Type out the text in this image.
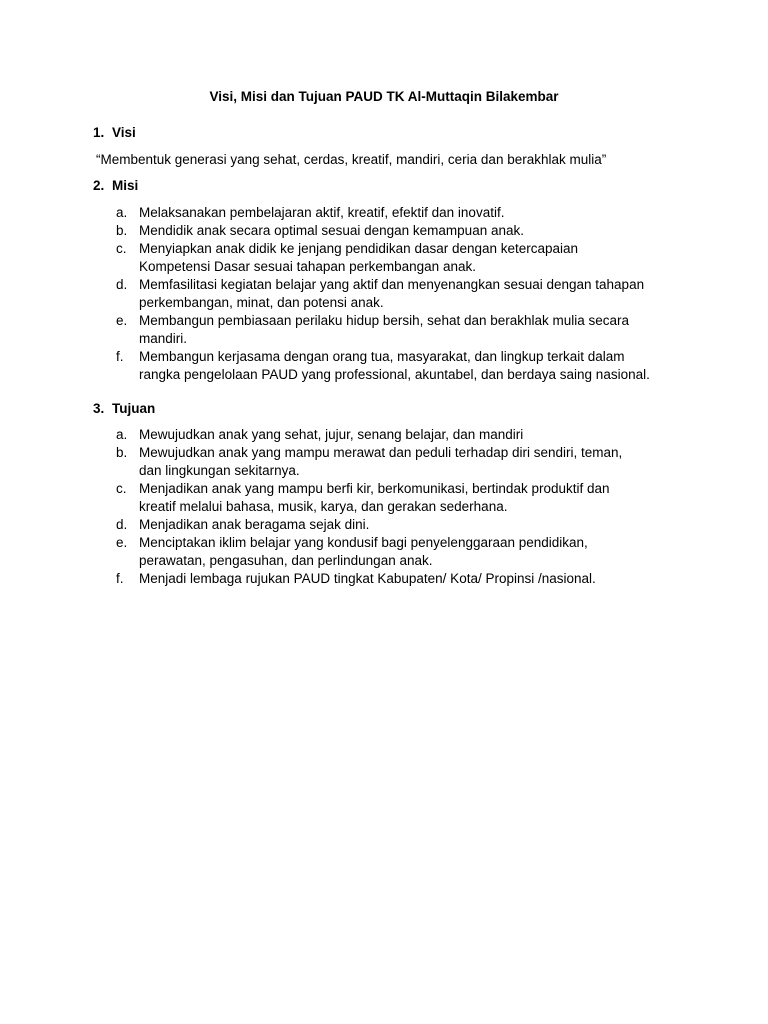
Visi, Misi dan Tujuan PAUD TK Al-Muttaqin Bilakembar
1. Visi
“Membentuk generasi yang sehat, cerdas, kreatif, mandiri, ceria dan berakhlak mulia”
2. Misi
a. Melaksanakan pembelajaran aktif, kreatif, efektif dan inovatif.
b. Mendidik anak secara optimal sesuai dengan kemampuan anak.
c. Menyiapkan anak didik ke jenjang pendidikan dasar dengan ketercapaian
Kompetensi Dasar sesuai tahapan perkembangan anak.
d. Memfasilitasi kegiatan belajar yang aktif dan menyenangkan sesuai dengan tahapan
perkembangan, minat, dan potensi anak.
e. Membangun pembiasaan perilaku hidup bersih, sehat dan berakhlak mulia secara
mandiri.
f. Membangun kerjasama dengan orang tua, masyarakat, dan lingkup terkait dalam
rangka pengelolaan PAUD yang professional, akuntabel, dan berdaya saing nasional.
3. Tujuan
a. Mewujudkan anak yang sehat, jujur, senang belajar, dan mandiri
b. Mewujudkan anak yang mampu merawat dan peduli terhadap diri sendiri, teman,
dan lingkungan sekitarnya.
c. Menjadikan anak yang mampu berfi kir, berkomunikasi, bertindak produktif dan
kreatif melalui bahasa, musik, karya, dan gerakan sederhana.
d. Menjadikan anak beragama sejak dini.
e. Menciptakan iklim belajar yang kondusif bagi penyelenggaraan pendidikan,
perawatan, pengasuhan, dan perlindungan anak.
f. Menjadi lembaga rujukan PAUD tingkat Kabupaten/ Kota/ Propinsi /nasional.
